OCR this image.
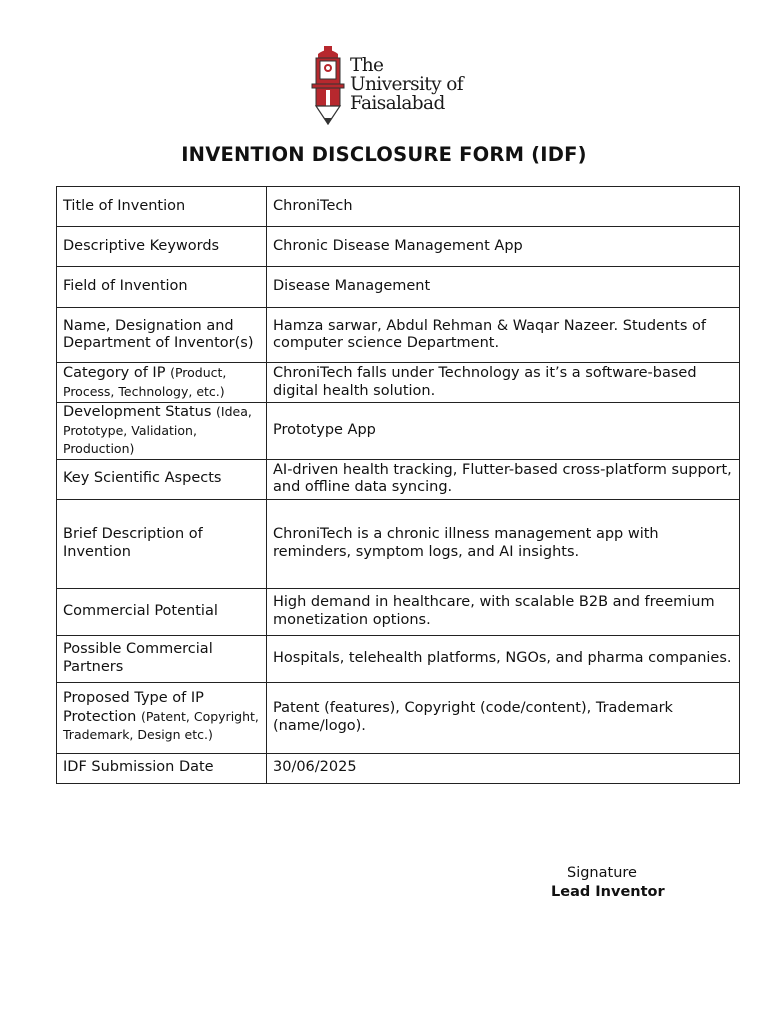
The
University of
Faisalabad
INVENTION DISCLOSURE FORM (IDF)
Title of Invention	ChroniTech
Descriptive Keywords	Chronic Disease Management App
Field of Invention	Disease Management
Name, Designation and Department of Inventor(s)	Hamza sarwar, Abdul Rehman & Waqar Nazeer. Students of computer science Department.
Category of IP (Product, Process, Technology, etc.)	ChroniTech falls under Technology as it’s a software-based digital health solution.
Development Status (Idea, Prototype, Validation, Production)	Prototype App
Key Scientific Aspects	AI-driven health tracking, Flutter-based cross-platform support, and offline data syncing.
Brief Description of Invention	ChroniTech is a chronic illness management app with reminders, symptom logs, and AI insights.
Commercial Potential	High demand in healthcare, with scalable B2B and freemium monetization options.
Possible Commercial Partners	Hospitals, telehealth platforms, NGOs, and pharma companies.
Proposed Type of IP Protection (Patent, Copyright, Trademark, Design etc.)	Patent (features), Copyright (code/content), Trademark (name/logo).
IDF Submission Date	30/06/2025
Signature
Lead Inventor
